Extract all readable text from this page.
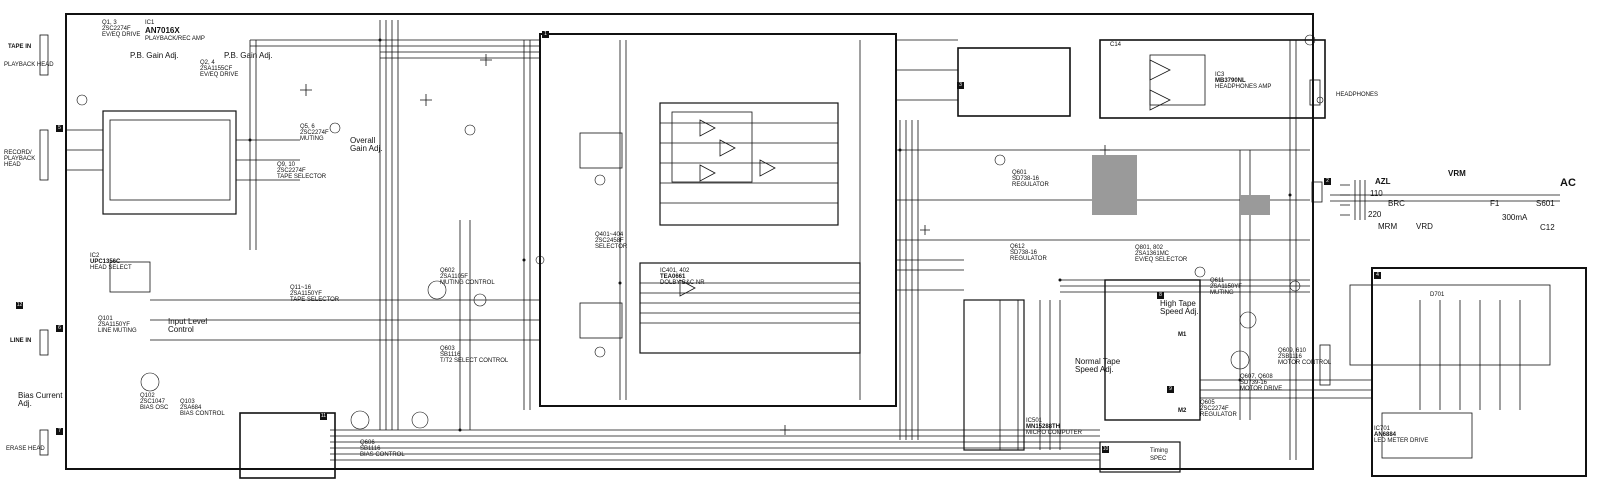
1
2
3
4
5
6
7
8
9
10
11
12
TAPE IN
PLAYBACK HEAD
RECORD/ PLAYBACK HEAD
LINE IN
ERASE HEAD
HEADPHONES
AC
IC1
AN7016X
PLAYBACK/REC AMP
IC2
UPC1356C
HEAD SELECT
IC3
MB3790NL
HEADPHONES AMP
IC401, 402
TEA0661
DOLBY B&C NR
IC501
MN15288TH
MICRO COMPUTER
IC701
AN6884
LED METER DRIVE
Q1, 3
2SC2274F
EV/EQ DRIVE
Q2, 4
2SA1155CF
EV/EQ DRIVE
Q5, 6
2SC2274F
MUTING
Q9, 10
2SC2274F
TAPE SELECTOR
Q11~16
2SA1150YF
TAPE SELECTOR
Q101
2SA1150YF
LINE MUTING
Q102
2SC1047
BIAS OSC
Q103
2SA684
BIAS CONTROL
Q401~404
2SC2458F
SELECTOR
Q601
SD738-16
REGULATOR
Q602
2SA1105F
MUTING CONTROL
Q603
SB1116
T/T2 SELECT CONTROL
Q605
2SC2274F
REGULATOR
Q606
SB1116
BIAS CONTROL
Q607, Q608
SD739-16
MOTOR DRIVE
Q609, 610
2SB1116
MOTOR CONTROL
Q611
2SA1150YF
MUTING
Q612
SD738-16
REGULATOR
Q801, 802
2SA1361MC
EV/EQ SELECTOR
P.B. Gain Adj.	P.B. Gain Adj.
Overall Gain Adj.
Input Level Control
Bias Current Adj.
High Tape Speed Adj.
Normal Tape Speed Adj.
VRM
AZL
110
220
BRC
MRM VRD
F1
300mA
S601
C12
C14
D701
M1
M2
Timing
SPEC
